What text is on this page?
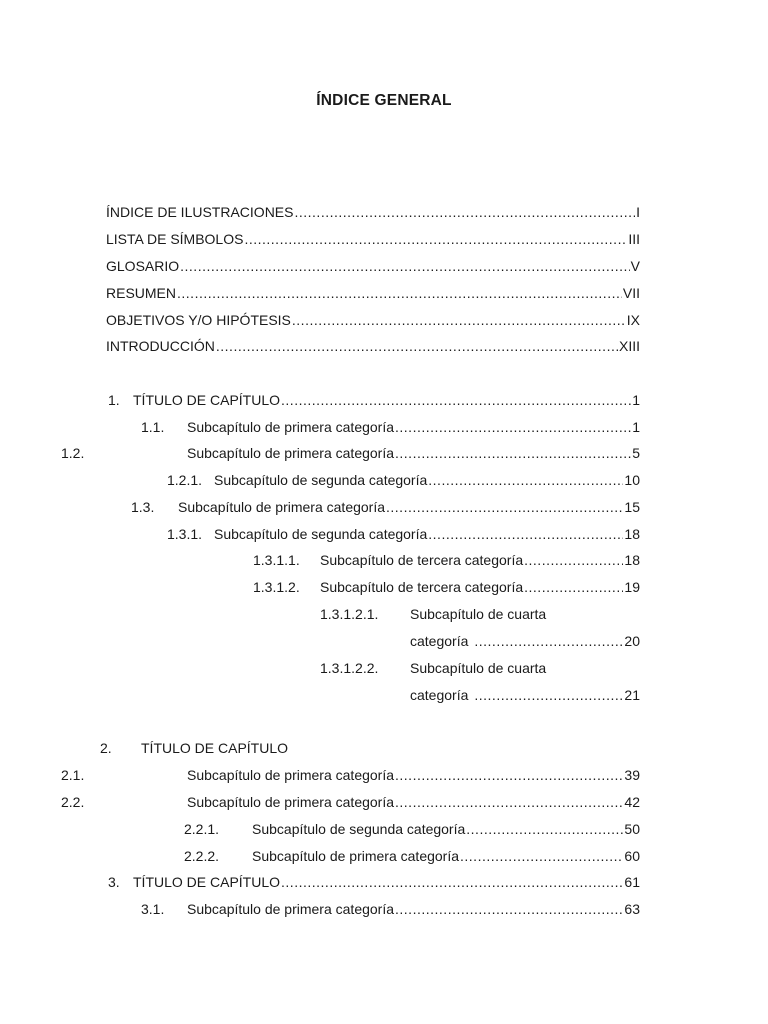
ÍNDICE GENERAL
ÍNDICE DE ILUSTRACIONES .....	I
LISTA DE SÍMBOLOS .....	III
GLOSARIO .....	V
RESUMEN .....	VII
OBJETIVOS Y/O HIPÓTESIS .....	IX
INTRODUCCIÓN .....	XIII
1. TÍTULO DE CAPÍTULO .....	1
1.1.	Subcapítulo de primera categoría .....	1
1.2.	Subcapítulo de primera categoría .....	5
1.2.1. Subcapítulo de segunda categoría .....	10
1.3.	Subcapítulo de primera categoría .....	15
1.3.1. Subcapítulo de segunda categoría .....	18
1.3.1.1.	Subcapítulo de tercera categoría .....	18
1.3.1.2.	Subcapítulo de tercera categoría .....	19
1.3.1.2.1. Subcapítulo de cuarta
categoría .....	20
1.3.1.2.2. Subcapítulo de cuarta
categoría .....	21
2.	TÍTULO DE CAPÍTULO
2.1.	Subcapítulo de primera categoría .....	39
2.2.	Subcapítulo de primera categoría .....	42
2.2.1.	Subcapítulo de segunda categoría .....	50
2.2.2.	Subcapítulo de primera categoría .....	60
3. TÍTULO DE CAPÍTULO .....	61
3.1.	Subcapítulo de primera categoría .....	63
